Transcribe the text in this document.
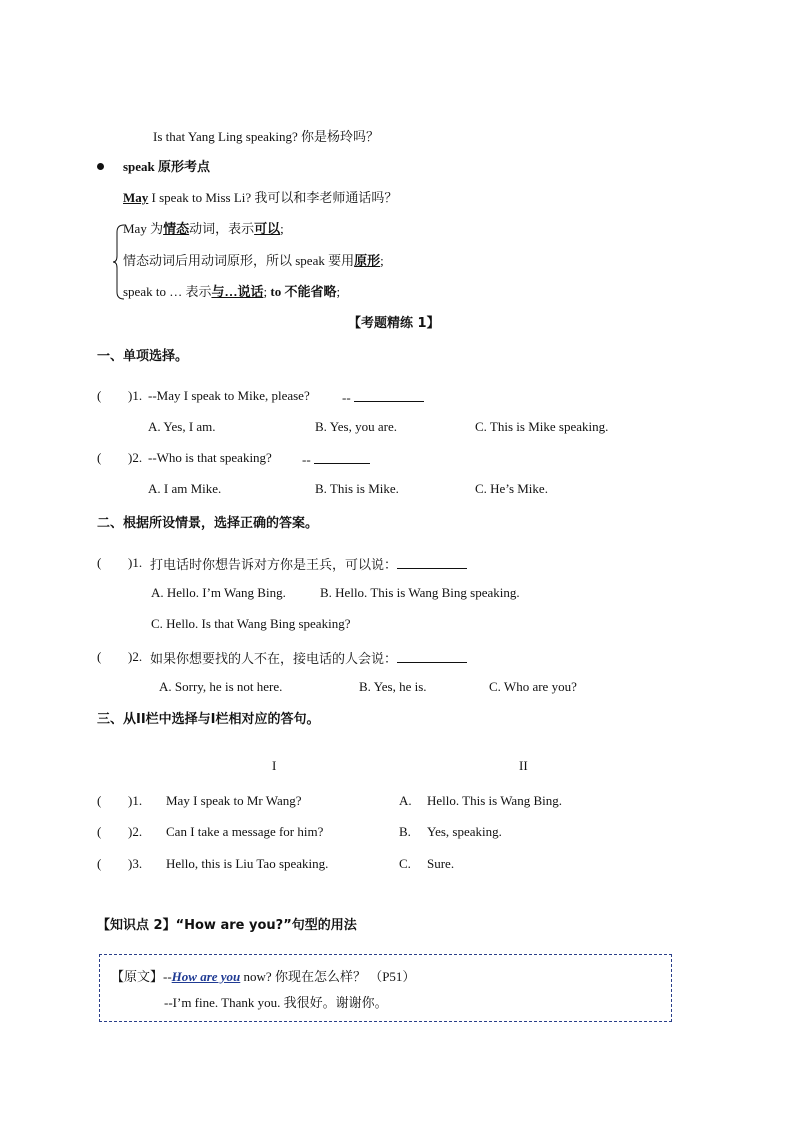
Is that Yang Ling speaking? 你是杨玲吗？
speak 原形考点
May I speak to Miss Li? 我可以和李老师通话吗？
May 为情态动词，表示可以;
情态动词后用动词原形，所以 speak 要用原形;
speak to … 表示与…说话; to 不能省略;
【考题精练 1】
一、单项选择。
( )1. --May I speak to Mike, please? --
A. Yes, I am.	B. Yes, you are.	C. This is Mike speaking.
( )2. --Who is that speaking? --
A. I am Mike.	B. This is Mike.	C. He’s Mike.
二、根据所设情景，选择正确的答案。
( )1. 打电话时你想告诉对方你是王兵，可以说：
A. Hello. I’m Wang Bing.	B. Hello. This is Wang Bing speaking.
C. Hello. Is that Wang Bing speaking?
( )2. 如果你想要找的人不在，接电话的人会说：
A. Sorry, he is not here.	B. Yes, he is.	C. Who are you?
三、从II栏中选择与I栏相对应的答句。
I	II
( )1. May I speak to Mr Wang?	A. Hello. This is Wang Bing.
( )2. Can I take a message for him?	B. Yes, speaking.
( )3. Hello, this is Liu Tao speaking.	C. Sure.
【知识点 2】“How are you?”句型的用法
【原文】--How are you now? 你现在怎么样？ （P51）
--I’m fine. Thank you. 我很好。谢谢你。
